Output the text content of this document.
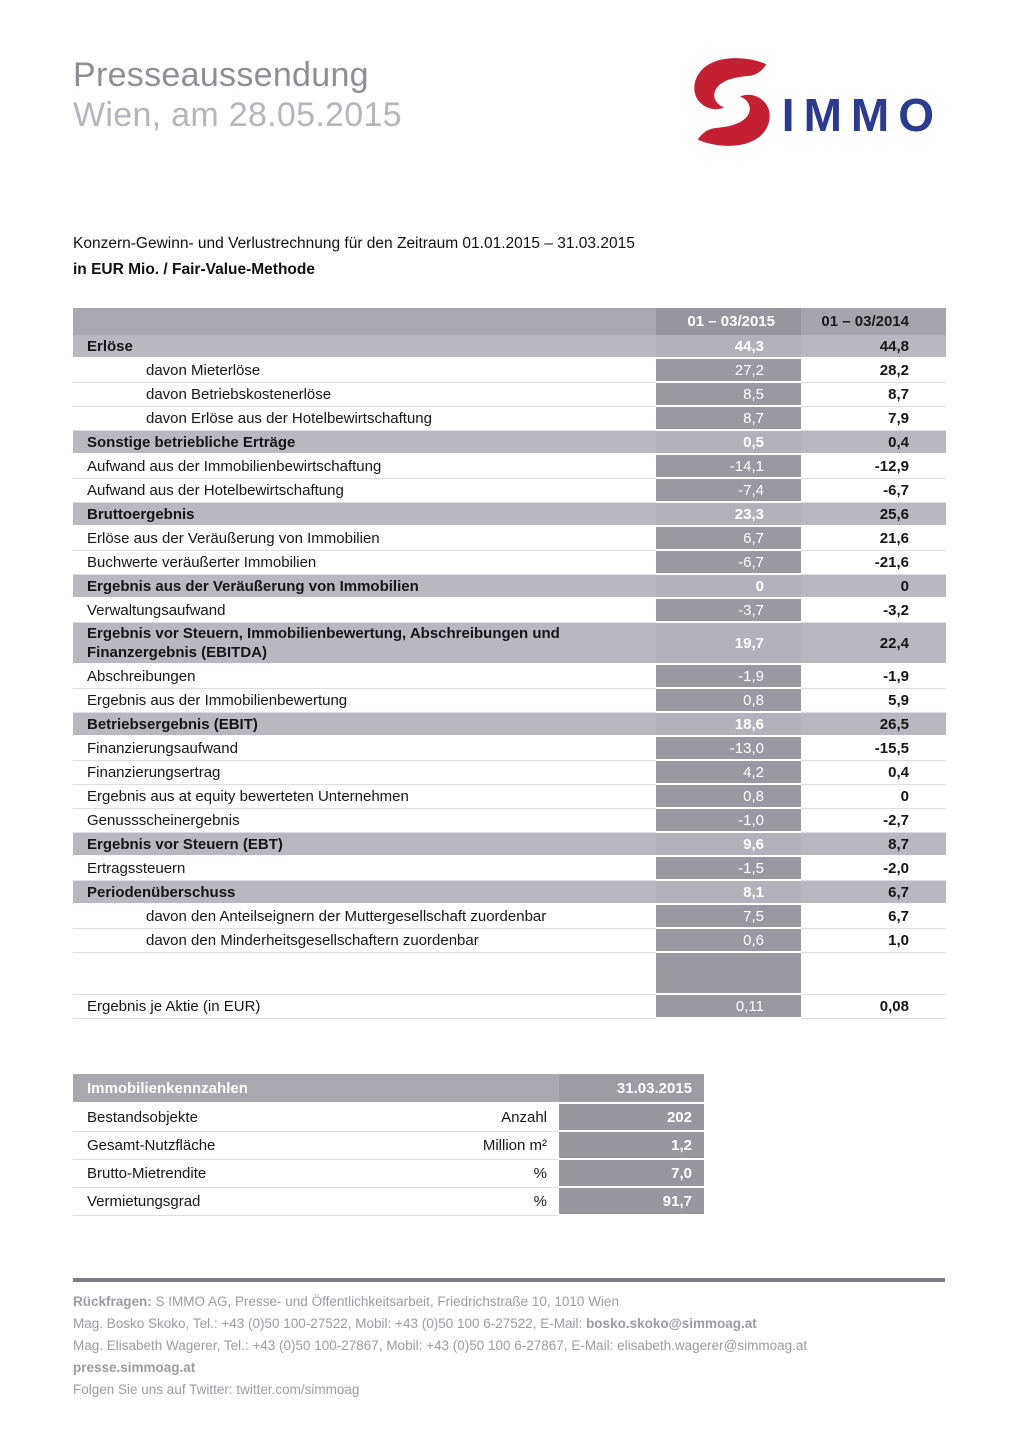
Presseaussendung
Wien, am 28.05.2015	IMMO

Konzern-Gewinn- und Verlustrechnung für den Zeitraum 01.01.2015 – 31.03.2015

in EUR Mio. / Fair-Value-Methode

	01 – 03/2015	01 – 03/2014
Erlöse	44,3	44,8
davon Mieterlöse	27,2	28,2
davon Betriebskostenerlöse	8,5	8,7
davon Erlöse aus der Hotelbewirtschaftung	8,7	7,9
Sonstige betriebliche Erträge	0,5	0,4
Aufwand aus der Immobilienbewirtschaftung	-14,1	-12,9
Aufwand aus der Hotelbewirtschaftung	-7,4	-6,7
Bruttoergebnis	23,3	25,6
Erlöse aus der Veräußerung von Immobilien	6,7	21,6
Buchwerte veräußerter Immobilien	-6,7	-21,6
Ergebnis aus der Veräußerung von Immobilien	0	0
Verwaltungsaufwand	-3,7	-3,2
Ergebnis vor Steuern, Immobilienbewertung, Abschreibungen und Finanzergebnis (EBITDA)	19,7	22,4
Abschreibungen	-1,9	-1,9
Ergebnis aus der Immobilienbewertung	0,8	5,9
Betriebsergebnis (EBIT)	18,6	26,5
Finanzierungsaufwand	-13,0	-15,5
Finanzierungsertrag	4,2	0,4
Ergebnis aus at equity bewerteten Unternehmen	0,8	0
Genussscheinergebnis	-1,0	-2,7
Ergebnis vor Steuern (EBT)	9,6	8,7
Ertragssteuern	-1,5	-2,0
Periodenüberschuss	8,1	6,7
davon den Anteilseignern der Muttergesellschaft zuordenbar	7,5	6,7
davon den Minderheitsgesellschaftern zuordenbar	0,6	1,0

Ergebnis je Aktie (in EUR)	0,11	0,08
Immobilienkennzahlen		31.03.2015
Bestandsobjekte	Anzahl	202
Gesamt-Nutzfläche	Million m²	1,2
Brutto-Mietrendite	%	7,0
Vermietungsgrad	%	91,7

Rückfragen: S IMMO AG, Presse- und Öffentlichkeitsarbeit, Friedrichstraße 10, 1010 Wien

Mag. Bosko Skoko, Tel.: +43 (0)50 100-27522, Mobil: +43 (0)50 100 6-27522, E-Mail: bosko.skoko@simmoag.at

Mag. Elisabeth Wagerer, Tel.: +43 (0)50 100-27867, Mobil: +43 (0)50 100 6-27867, E-Mail: elisabeth.wagerer@simmoag.at

presse.simmoag.at

Folgen Sie uns auf Twitter: twitter.com/simmoag
